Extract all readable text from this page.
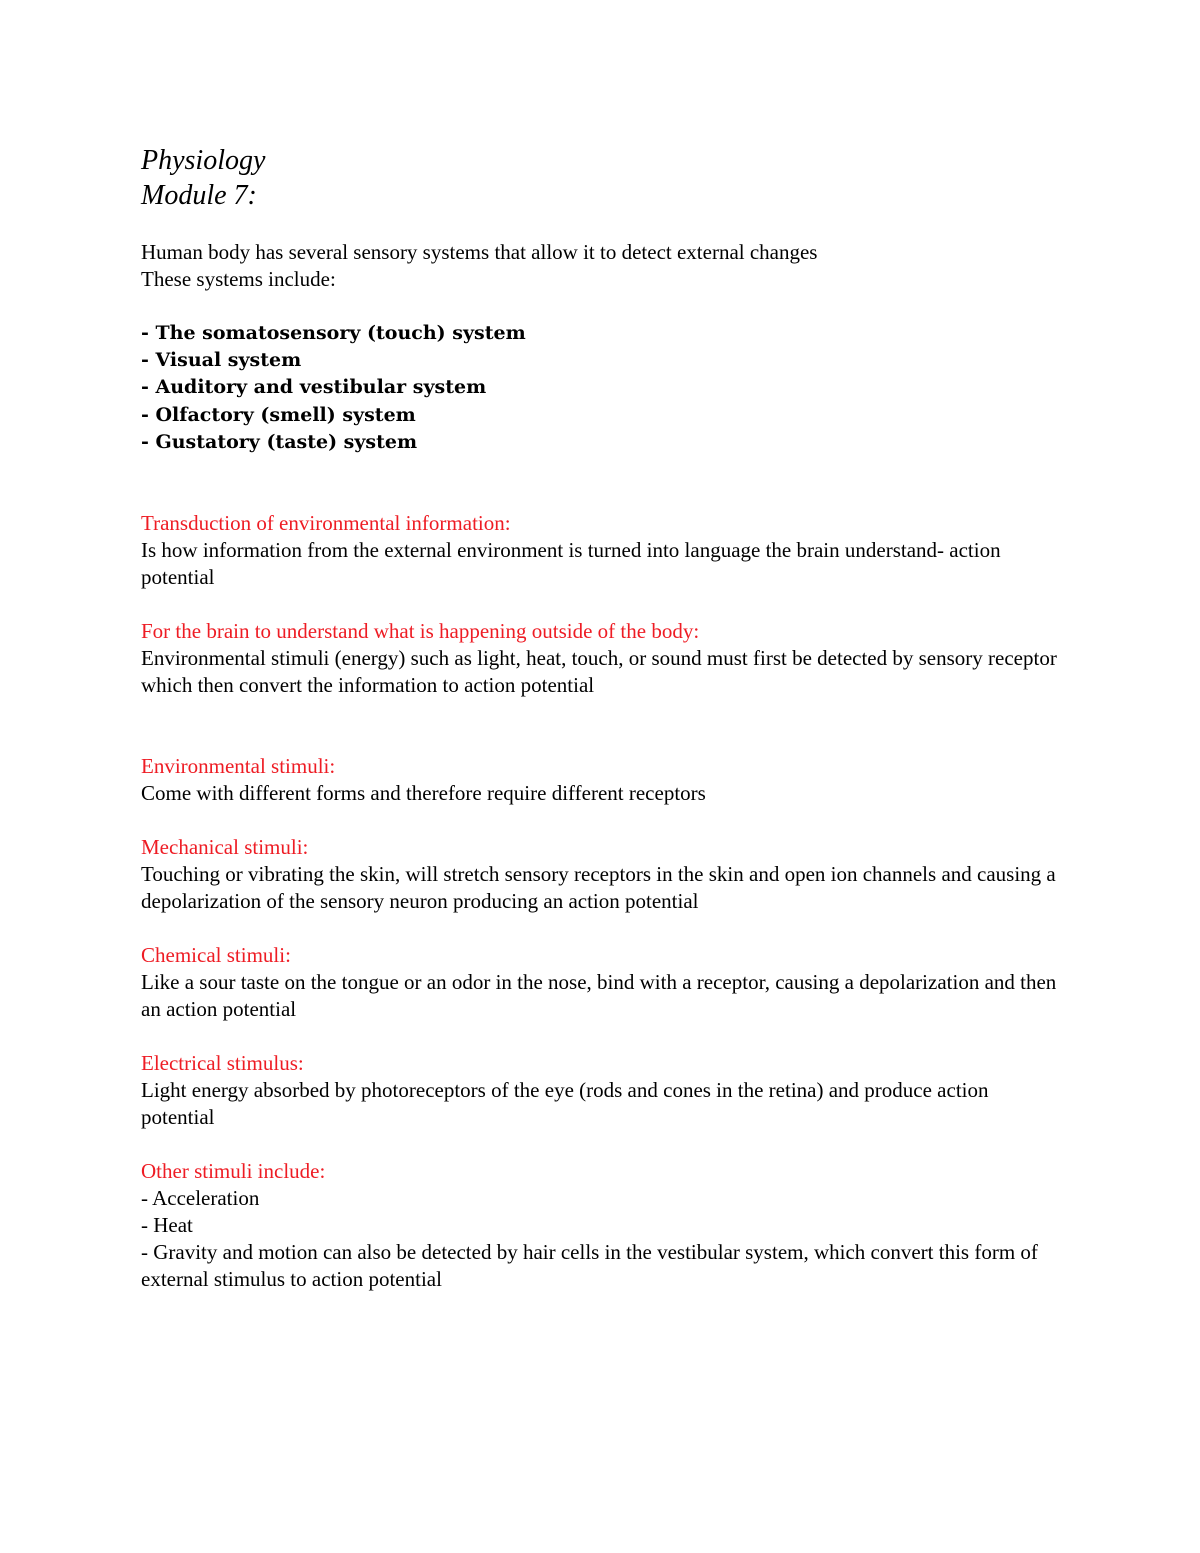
Physiology
Module 7:

Human body has several sensory systems that allow it to detect external changes

These systems include:

- The somatosensory (touch) system
- Visual system
- Auditory and vestibular system
- Olfactory (smell) system
- Gustatory (taste) system

Transduction of environmental information:

Is how information from the external environment is turned into language the brain understand- action potential

For the brain to understand what is happening outside of the body:

Environmental stimuli (energy) such as light, heat, touch, or sound must first be detected by sensory receptor which then convert the information to action potential

Environmental stimuli:

Come with different forms and therefore require different receptors

Mechanical stimuli:

Touching or vibrating the skin, will stretch sensory receptors in the skin and open ion channels and causing a depolarization of the sensory neuron producing an action potential

Chemical stimuli:

Like a sour taste on the tongue or an odor in the nose, bind with a receptor, causing a depolarization and then an action potential

Electrical stimulus:

Light energy absorbed by photoreceptors of the eye (rods and cones in the retina) and produce action potential

Other stimuli include:

- Acceleration
- Heat
- Gravity and motion can also be detected by hair cells in the vestibular system, which convert this form of external stimulus to action potential
